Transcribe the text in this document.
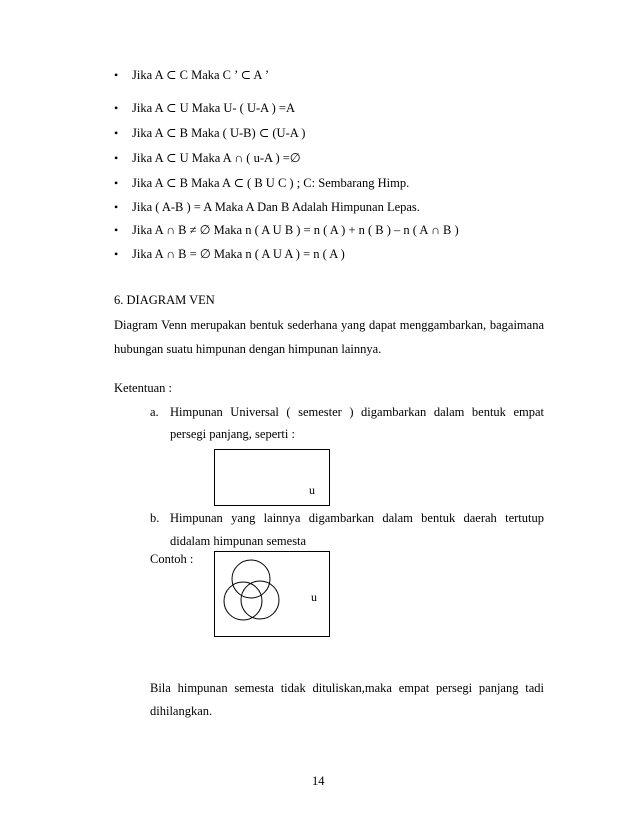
• Jika A ⊂ C Maka C ’ ⊂ A ’
• Jika A ⊂ U Maka U- ( U-A ) =A
• Jika A ⊂ B Maka ( U-B) ⊂ (U-A )
• Jika A ⊂ U Maka A ∩ ( u-A ) =∅
• Jika A ⊂ B Maka A ⊂ ( B U C ) ; C: Sembarang Himp.
• Jika ( A-B ) = A Maka A Dan B Adalah Himpunan Lepas.
• Jika A ∩ B ≠ ∅ Maka n ( A U B ) = n ( A ) + n ( B ) – n ( A ∩ B )
• Jika A ∩ B = ∅ Maka n ( A U A ) = n ( A )
6. DIAGRAM VEN
Diagram Venn merupakan bentuk sederhana yang dapat menggambarkan, bagaimana
hubungan suatu himpunan dengan himpunan lainnya.
Ketentuan :
a. Himpunan Universal ( semester ) digambarkan dalam bentuk empat
persegi panjang, seperti :
u
b. Himpunan yang lainnya digambarkan dalam bentuk daerah tertutup
didalam himpunan semesta
Contoh :
u
Bila himpunan semesta tidak dituliskan,maka empat persegi panjang tadi
dihilangkan.
14
